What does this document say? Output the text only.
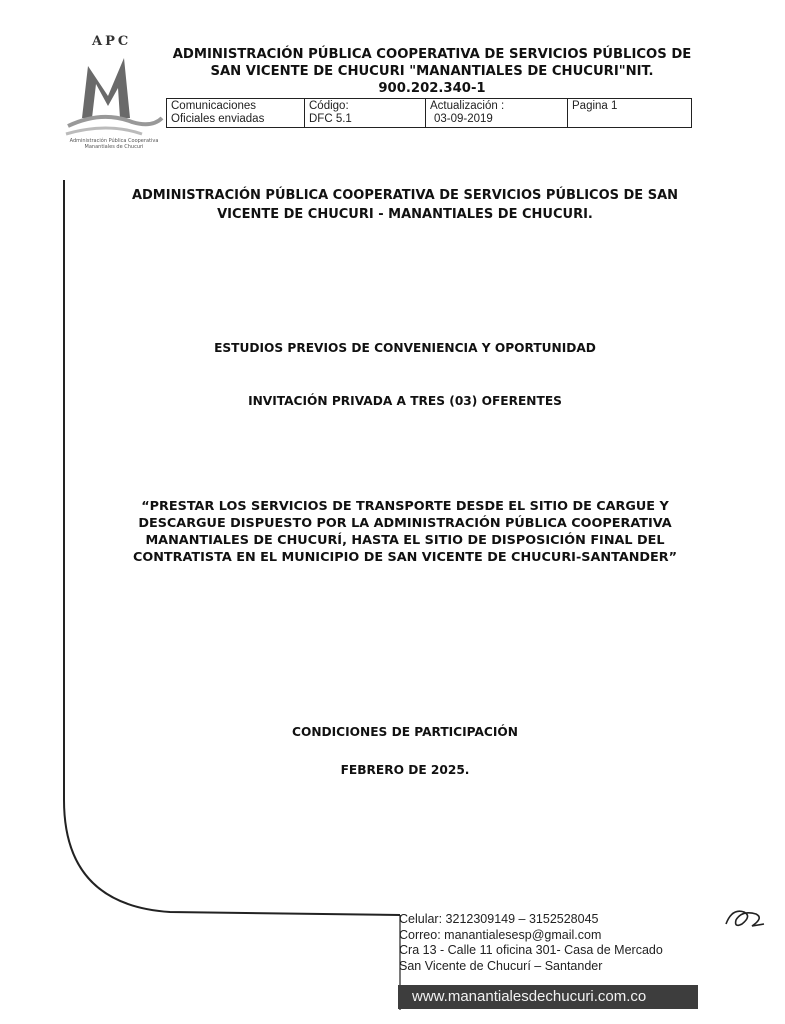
APC
Administración Pública Cooperativa Manantiales de Chucuri
ADMINISTRACIÓN PÚBLICA COOPERATIVA DE SERVICIOS PÚBLICOS DE SAN VICENTE DE CHUCURI "MANANTIALES DE CHUCURI"NIT. 900.202.340-1
Comunicaciones
Oficiales enviadas
Código:
DFC 5.1
Actualización :
03-09-2019
Pagina 1
ADMINISTRACIÓN PÚBLICA COOPERATIVA DE SERVICIOS PÚBLICOS DE SAN VICENTE DE CHUCURI - MANANTIALES DE CHUCURI.
ESTUDIOS PREVIOS DE CONVENIENCIA Y OPORTUNIDAD
INVITACIÓN PRIVADA A TRES (03) OFERENTES
“PRESTAR LOS SERVICIOS DE TRANSPORTE DESDE EL SITIO DE CARGUE Y DESCARGUE DISPUESTO POR LA ADMINISTRACIÓN PÚBLICA COOPERATIVA MANANTIALES DE CHUCURÍ, HASTA EL SITIO DE DISPOSICIÓN FINAL DEL CONTRATISTA EN EL MUNICIPIO DE SAN VICENTE DE CHUCURI-SANTANDER”
CONDICIONES DE PARTICIPACIÓN
FEBRERO DE 2025.
Celular: 3212309149 – 3152528045
Correo: manantialesesp@gmail.com
Cra 13 - Calle 11 oficina 301- Casa de Mercado
San Vicente de Chucurí – Santander
www.manantialesdechucuri.com.co
